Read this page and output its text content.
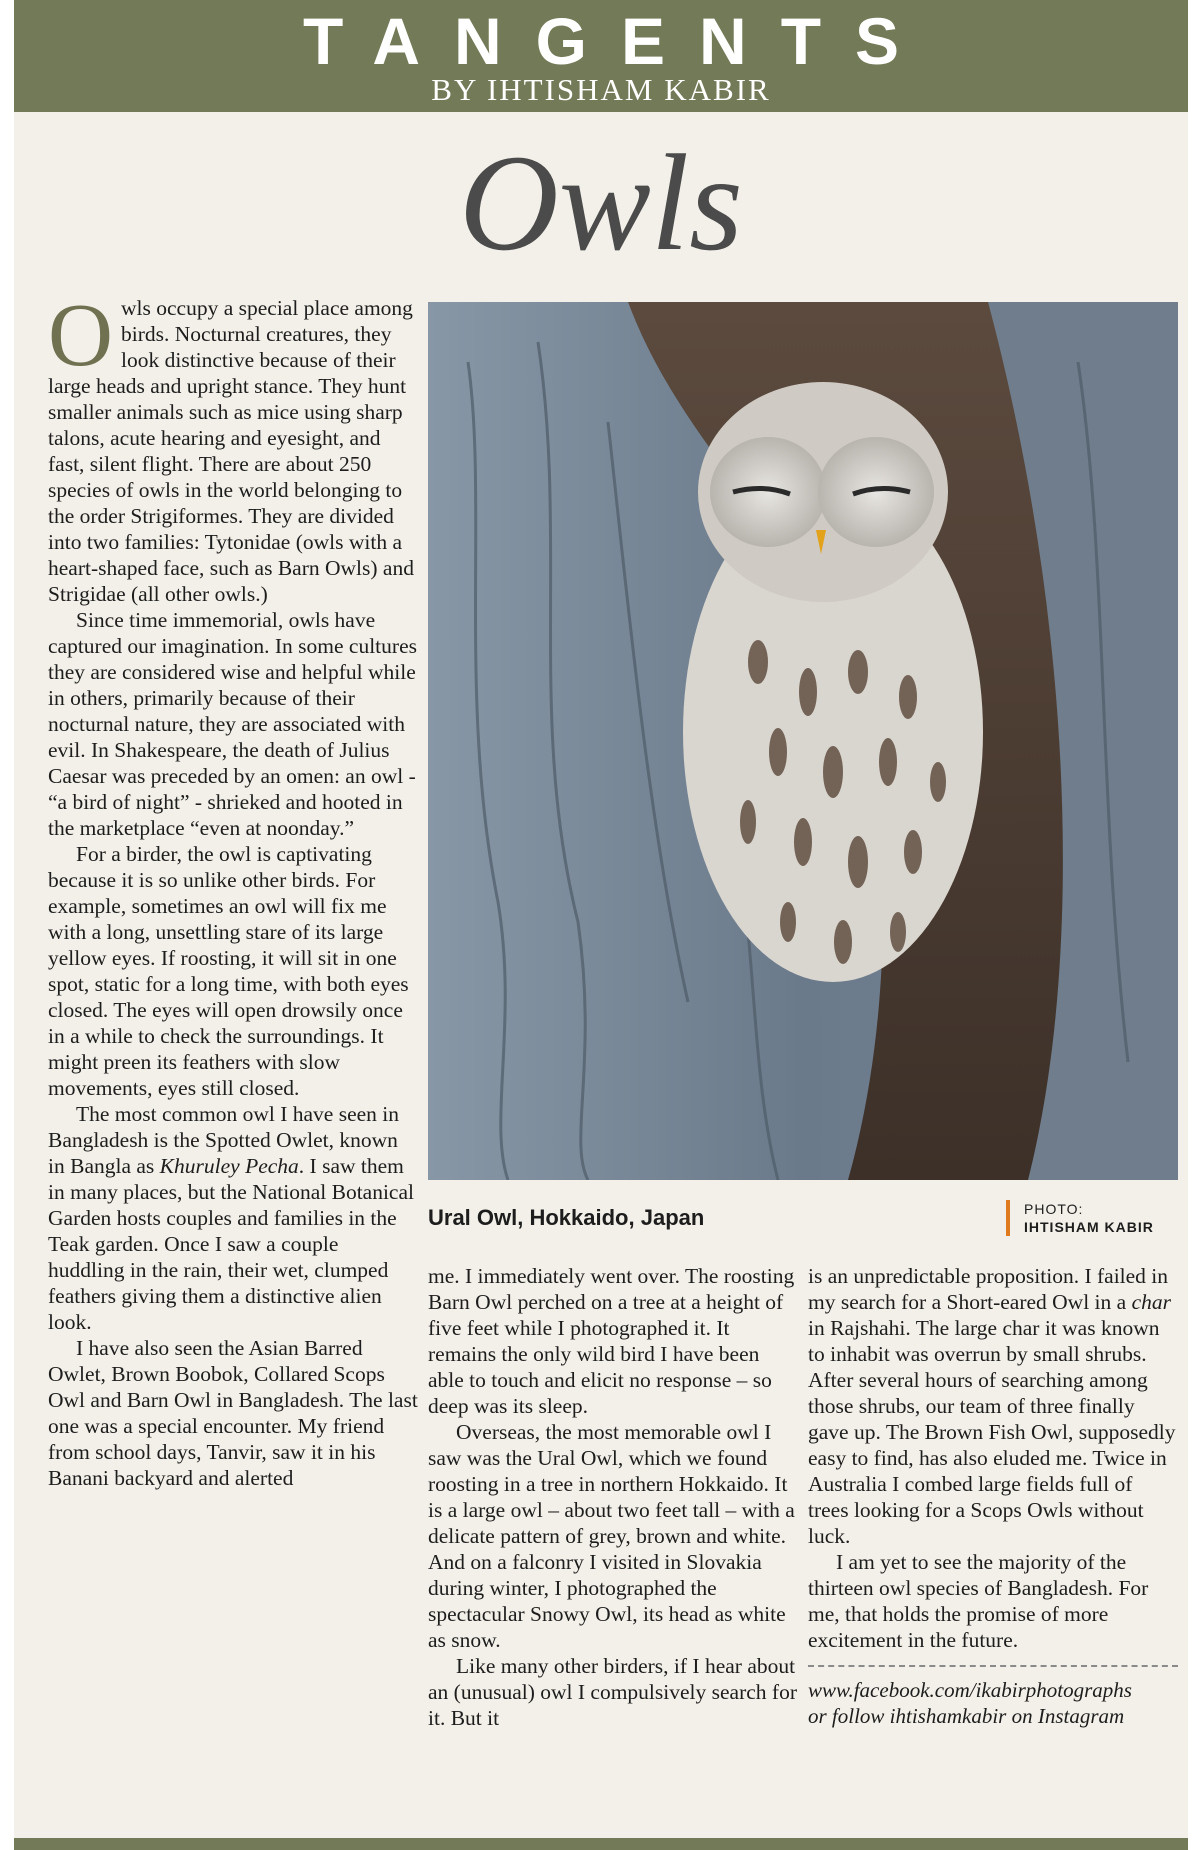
TANGENTS
BY IHTISHAM KABIR
Owls

Owls occupy a special place among birds. Nocturnal creatures, they look distinctive because of their large heads and upright stance. They hunt smaller animals such as mice using sharp talons, acute hearing and eyesight, and fast, silent flight. There are about 250 species of owls in the world belonging to the order Strigiformes. They are divided into two families: Tytonidae (owls with a heart-shaped face, such as Barn Owls) and Strigidae (all other owls.)

Since time immemorial, owls have captured our imagination. In some cultures they are considered wise and helpful while in others, primarily because of their nocturnal nature, they are associated with evil. In Shakespeare, the death of Julius Caesar was preceded by an omen: an owl - “a bird of night” - shrieked and hooted in the marketplace “even at noonday.”

For a birder, the owl is captivating because it is so unlike other birds. For example, sometimes an owl will fix me with a long, unsettling stare of its large yellow eyes. If roosting, it will sit in one spot, static for a long time, with both eyes closed. The eyes will open drowsily once in a while to check the surroundings. It might preen its feathers with slow movements, eyes still closed.

The most common owl I have seen in Bangladesh is the Spotted Owlet, known in Bangla as Khuruley Pecha. I saw them in many places, but the National Botanical Garden hosts couples and families in the Teak garden. Once I saw a couple huddling in the rain, their wet, clumped feathers giving them a distinctive alien look.

I have also seen the Asian Barred Owlet, Brown Boobok, Collared Scops Owl and Barn Owl in Bangladesh. The last one was a special encounter. My friend from school days, Tanvir, saw it in his Banani backyard and alerted

Ural Owl, Hokkaido, Japan	PHOTO:
IHTISHAM KABIR

me. I immediately went over. The roosting Barn Owl perched on a tree at a height of five feet while I photographed it. It remains the only wild bird I have been able to touch and elicit no response – so deep was its sleep.

Overseas, the most memorable owl I saw was the Ural Owl, which we found roosting in a tree in northern Hokkaido. It is a large owl – about two feet tall – with a delicate pattern of grey, brown and white. And on a falconry I visited in Slovakia during winter, I photographed the spectacular Snowy Owl, its head as white as snow.

Like many other birders, if I hear about an (unusual) owl I compulsively search for it. But it

is an unpredictable proposition. I failed in my search for a Short-eared Owl in a char in Rajshahi. The large char it was known to inhabit was overrun by small shrubs. After several hours of searching among those shrubs, our team of three finally gave up. The Brown Fish Owl, supposedly easy to find, has also eluded me. Twice in Australia I combed large fields full of trees looking for a Scops Owls without luck.

I am yet to see the majority of the thirteen owl species of Bangladesh. For me, that holds the promise of more excitement in the future.

www.facebook.com/ikabirphotographs
or follow ihtishamkabir on Instagram
